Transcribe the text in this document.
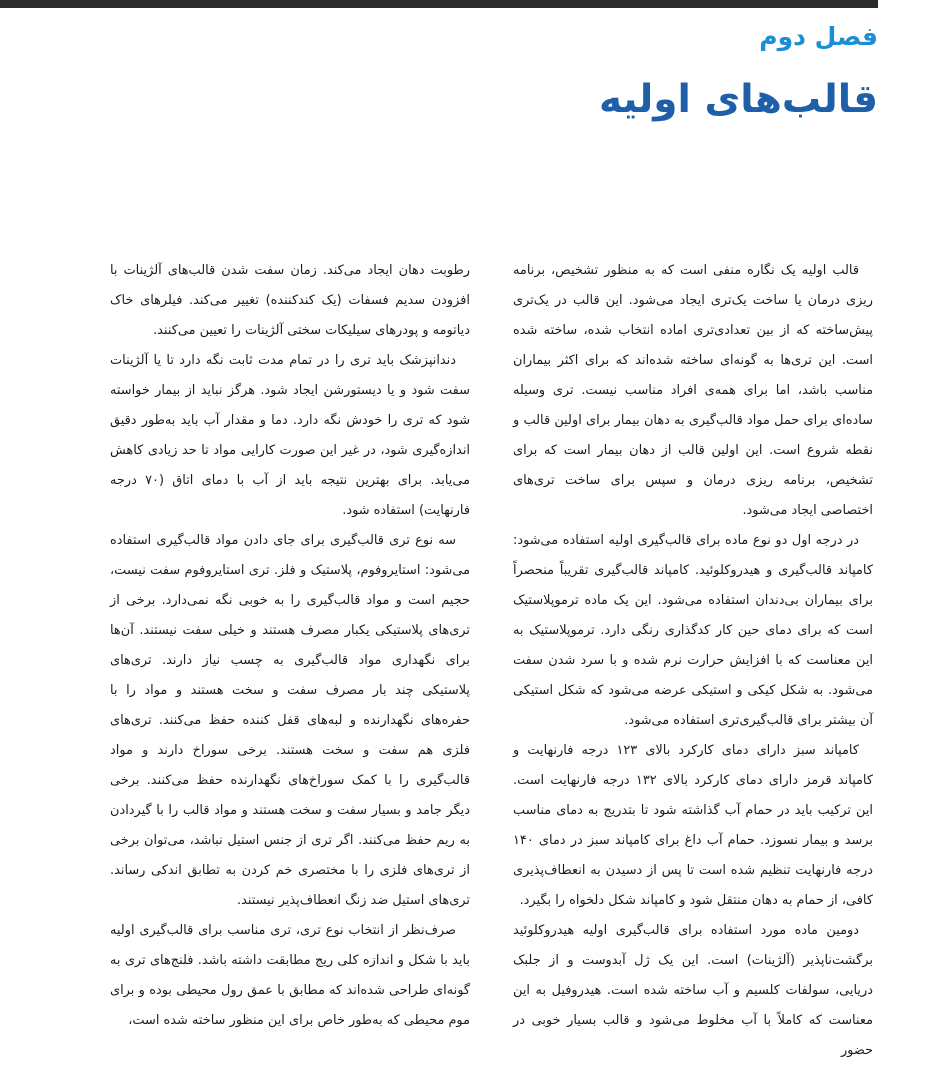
فصل دوم
قالب‌های اولیه

قالب اولیه یک نگاره منفی است که به منظور تشخیص، برنامه ریزی درمان یا ساخت یک‌تری ایجاد می‌شود. این قالب در یک‌تری پیش‌ساخته که از بین تعدادی‌تری اماده انتخاب شده، ساخته شده است. این تری‌ها به گونه‌ای ساخته شده‌اند که برای اکثر بیماران مناسب باشد، اما برای همه‌ی افراد مناسب نیست. تری وسیله ساده‌ای برای حمل مواد قالب‌گیری به دهان بیمار برای اولین قالب و نقطه شروع است. این اولین قالب از دهان بیمار است که برای تشخیص، برنامه ریزی درمان و سپس برای ساخت تری‌های اختصاصی ایجاد می‌شود.

در درجه اول دو نوع ماده برای قالب‌گیری اولیه استفاده می‌شود: کامپاند قالب‌گیری و هیدروکلوئید. کامپاند قالب‌گیری تقریباً منحصراً برای بیماران بی‌دندان استفاده می‌شود. این یک ماده ترموپلاستیک است که برای دمای حین کار کدگذاری رنگی دارد. ترموپلاستیک به این معناست که با افزایش حرارت نرم شده و با سرد شدن سفت می‌شود. به شکل کیکی و استیکی عرضه می‌شود که شکل استیکی آن بیشتر برای قالب‌گیری‌تری استفاده می‌شود.

کامپاند سبز دارای دمای کارکرد بالای ۱۲۳ درجه فارنهایت و کامپاند قرمز دارای دمای کارکرد بالای ۱۳۲ درجه فارنهایت است. این ترکیب باید در حمام آب گذاشته شود تا بتدریج به دمای مناسب برسد و بیمار نسوزد. حمام آب داغ برای کامپاند سبز در دمای ۱۴۰ درجه فارنهایت تنظیم شده است تا پس از دسیدن به انعطاف‌پذیری کافی، از حمام به دهان منتقل شود و کامپاند شکل دلخواه را بگیرد.

دومین ماده مورد استفاده برای قالب‌گیری اولیه هیدروکلوئید برگشت‌ناپذیر (آلژینات) است. این یک ژل آبدوست و از جلبک دریایی، سولفات کلسیم و آب ساخته شده است. هیدروفیل به این معناست که کاملاً با آب مخلوط می‌شود و قالب بسیار خوبی در حضور

رطوبت دهان ایجاد می‌کند. زمان سفت شدن قالب‌های آلژینات با افزودن سدیم فسفات (یک کندکننده) تغییر می‌کند. فیلرهای خاک دیاتومه و پودرهای سیلیکات سختی آلژینات را تعیین می‌کنند.

دندانپزشک باید تری را در تمام مدت ثابت نگه دارد تا یا آلژینات سفت شود و یا دیستورشن ایجاد شود. هرگز نباید از بیمار خواسته شود که تری را خودش نگه دارد. دما و مقدار آب باید به‌طور دقیق اندازه‌گیری شود، در غیر این صورت کارایی مواد تا حد زیادی کاهش می‌یابد. برای بهترین نتیجه باید از آب با دمای اتاق (۷۰ درجه فارنهایت) استفاده شود.

سه نوع تری قالب‌گیری برای جای دادن مواد قالب‌گیری استفاده می‌شود: استایروفوم، پلاستیک و فلز. تری استایروفوم سفت نیست، حجیم است و مواد قالب‌گیری را به خوبی نگه نمی‌دارد. برخی از تری‌های پلاستیکی یکبار مصرف هستند و خیلی سفت نیستند. آن‌ها برای نگهداری مواد قالب‌گیری به چسب نیاز دارند. تری‌های پلاستیکی چند بار مصرف سفت و سخت هستند و مواد را با حفره‌های نگهدارنده و لبه‌های قفل کننده حفظ می‌کنند. تری‌های فلزی هم سفت و سخت هستند. برخی سوراخ دارند و مواد قالب‌گیری را با کمک سوراخ‌های نگهدارنده حفظ می‌کنند. برخی دیگر جامد و بسیار سفت و سخت هستند و مواد قالب را با گیردادن به ریم حفظ می‌کنند. اگر تری از جنس استیل نباشد، می‌توان برخی از تری‌های فلزی را با مختصری خم کردن به تطابق اندکی رساند. تری‌های استیل ضد زنگ انعطاف‌پذیر نیستند.

صرف‌نظر از انتخاب نوع تری، تری مناسب برای قالب‌گیری اولیه باید با شکل و اندازه کلی ریج مطابقت داشته باشد. فلنج‌های تری به گونه‌ای طراحی شده‌اند که مطابق با عمق رول محیطی بوده و برای موم محیطی که به‌طور خاص برای این منظور ساخته شده است،
